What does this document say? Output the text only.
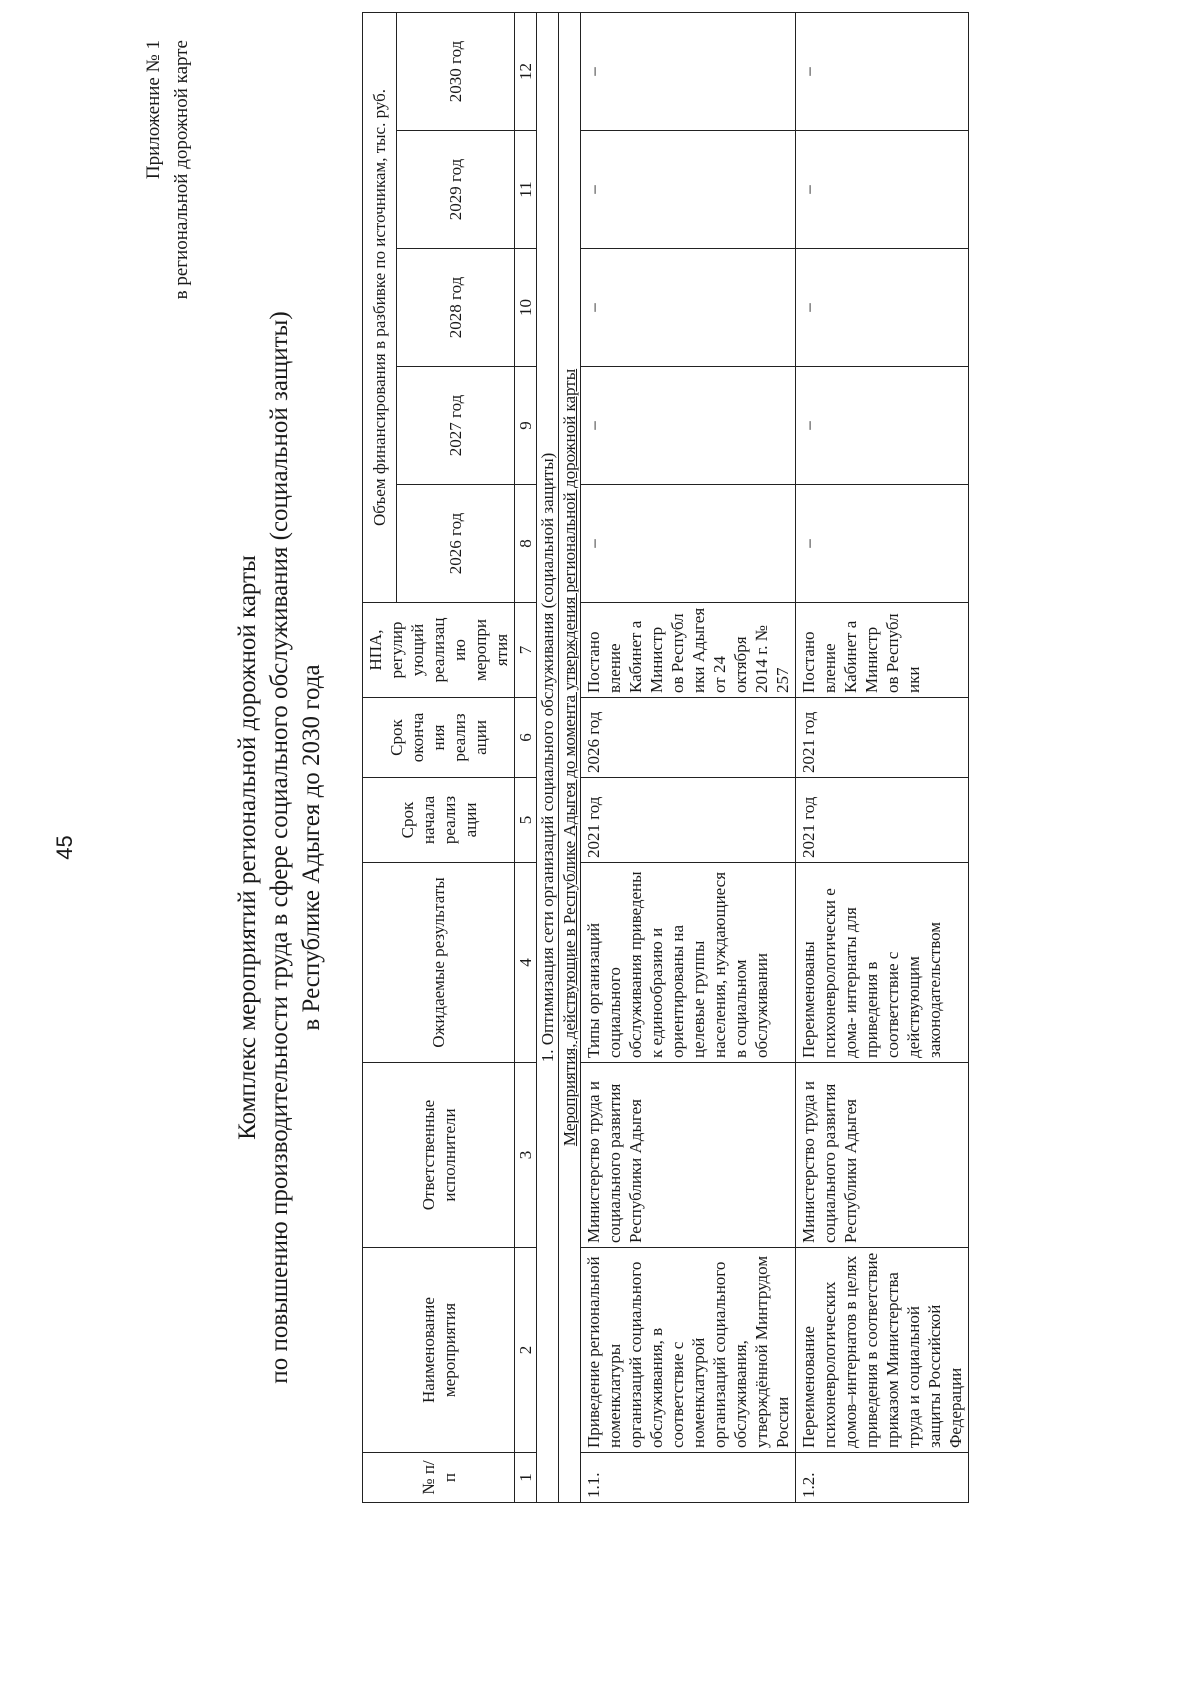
45
Приложение № 1 в региональной дорожной карте
Комплекс мероприятий региональной дорожной карты по повышению производительности труда в сфере социального обслуживания (социальной защиты) в Республике Адыгея до 2030 года
№ п/п	Наименование мероприятия	Ответственные исполнители	Ожидаемые результаты	Срок начала реализ ации	Срок оконча ния реализ ации	НПА, регулир ующий реализац ию меропри ятия	Объем финансирования в разбивке по источникам, тыс. руб.				
							2026 год	2027 год	2028 год	2029 год	2030 год
1	2	3	4	5	6	7	8	9	10	11	12
1. Оптимизация сети организаций социального обслуживания (социальной защиты)											
Мероприятия, действующие в Республике Адыгея до момента утверждения региональной дорожной карты											
1.1.	Приведение региональной номенклатуры организаций социального обслуживания, в соответствие с номенклатурой организаций социального обслуживания, утверждённой Минтрудом России	Министерство труда и социального развития Республики Адыгея	Типы организаций социального обслуживания приведены к единообразию и ориентированы на целевые группы населения, нуждающиеся в социальном обслуживании	2021 год	2026 год	Постано вление Кабинет а Министр ов Республ ики Адыгея от 24 октября 2014 г. № 257	–	–	–	–	–
1.2.	Переименование психоневрологических домов–интернатов в целях приведения в соответствие приказом Министерства труда и социальной защиты Российской Федерации	Министерство труда и социального развития Республики Адыгея	Переименованы психоневрологически е дома- интернаты для приведения в соответствие с действующим законодательством	2021 год	2021 год	Постано вление Кабинет а Министр ов Республ ики	–	–	–	–	–
